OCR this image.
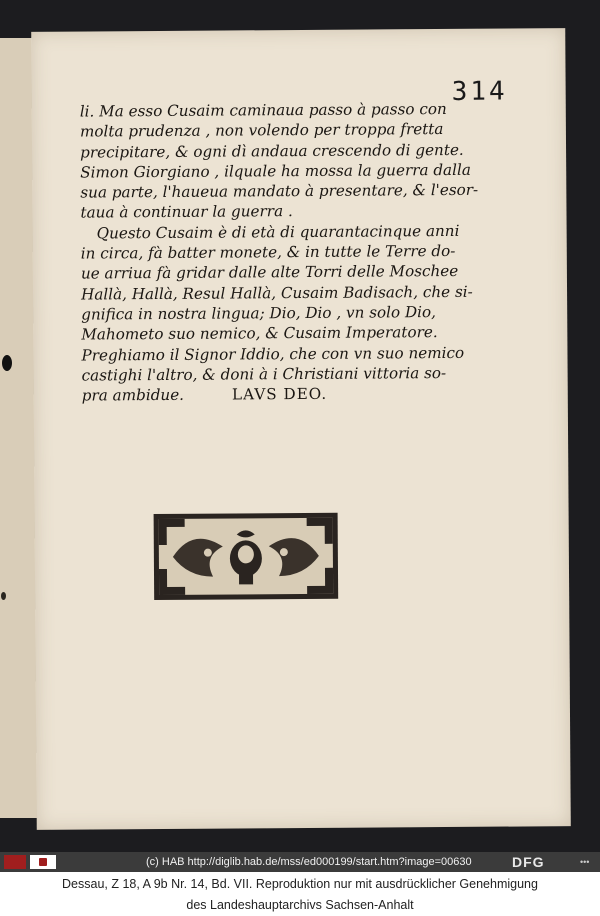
314
li. Ma esso Cusaim caminaua passo à passo con
molta prudenza , non volendo per troppa fretta
precipitare, & ogni dì andaua crescendo di gente.
Simon Giorgiano , ilquale ha mossa la guerra dalla
sua parte, l'haueua mandato à presentare, & l'esor-
taua à continuar la guerra .
Questo Cusaim è di età di quarantacinque anni
in circa, fà batter monete, & in tutte le Terre do-
ue arriua fà gridar dalle alte Torri delle Moschee
Hallà, Hallà, Resul Hallà, Cusaim Badisach, che si-
gnifica in nostra lingua; Dio, Dio , vn solo Dio,
Mahometo suo nemico, & Cusaim Imperatore.
Preghiamo il Signor Iddio, che con vn suo nemico
castighi l'altro, & doni à i Christiani vittoria so-
pra ambidue.	LAVS DEO.
(c) HAB http://diglib.hab.de/mss/ed000199/start.htm?image=00630	DFG	•••
Dessau, Z 18, A 9b Nr. 14, Bd. VII. Reproduktion nur mit ausdrücklicher Genehmigung
des Landeshauptarchivs Sachsen-Anhalt
